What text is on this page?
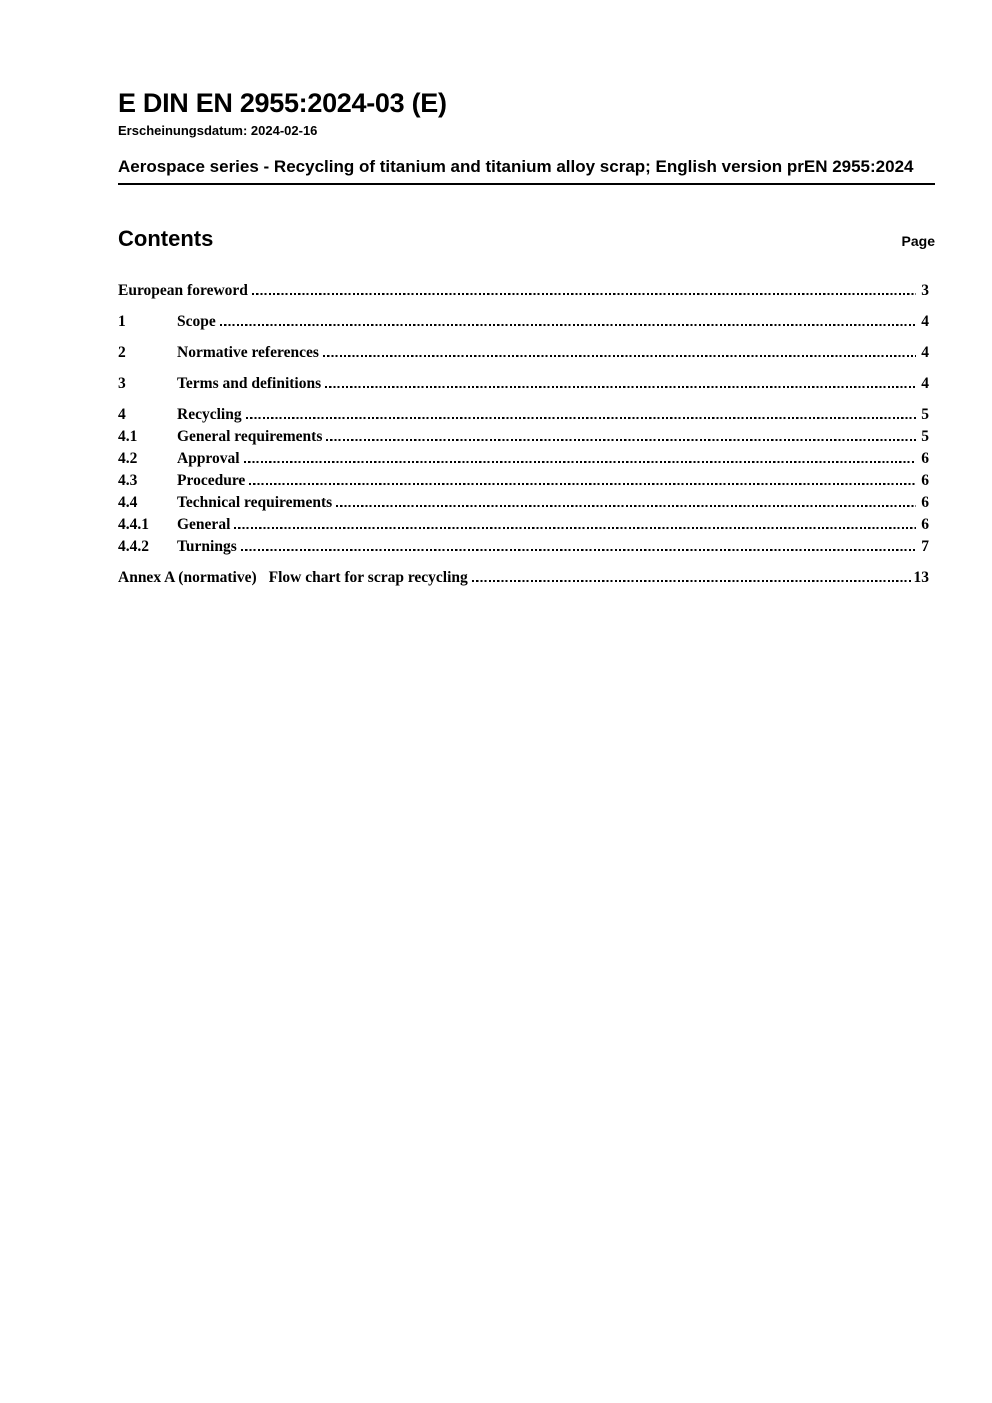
E DIN EN 2955:2024-03 (E)
Erscheinungsdatum: 2024-02-16
Aerospace series - Recycling of titanium and titanium alloy scrap; English version prEN 2955:2024
Contents	Page
European foreword	3
1	Scope	4
2	Normative references	4
3	Terms and definitions	4
4	Recycling	5
4.1	General requirements	5
4.2	Approval	6
4.3	Procedure	6
4.4	Technical requirements	6
4.4.1	General	6
4.4.2	Turnings	7
Annex A (normative) Flow chart for scrap recycling	13
